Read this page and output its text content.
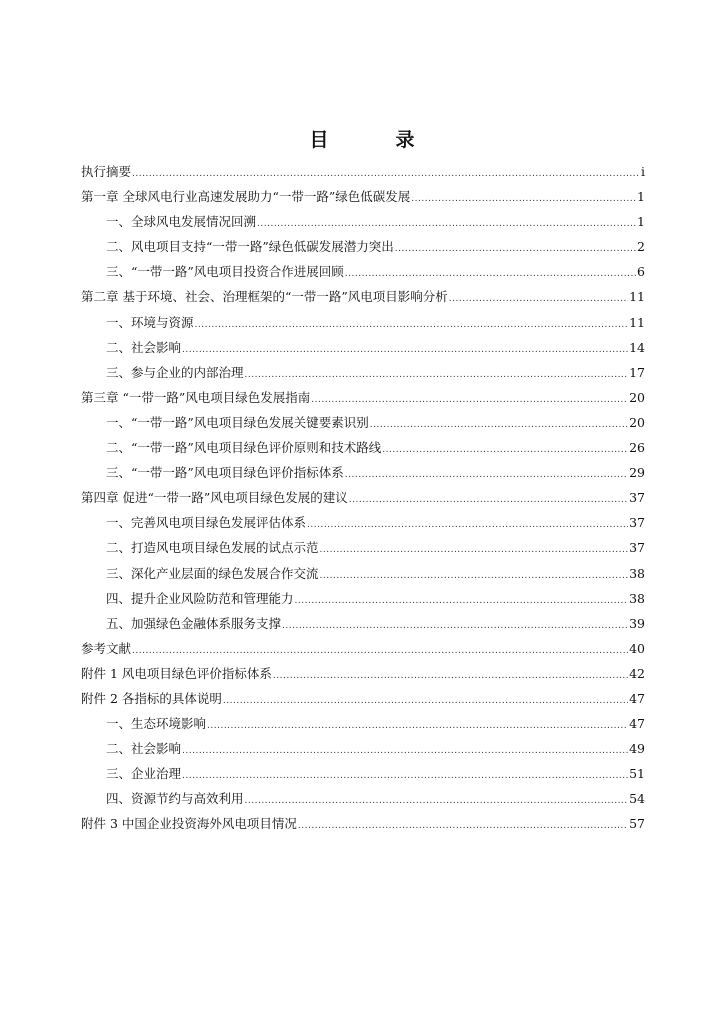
目　录
执行摘要 .....	i
第一章 全球风电行业高速发展助力“一带一路”绿色低碳发展 .....	1
一、全球风电发展情况回溯 .....	1
二、风电项目支持“一带一路”绿色低碳发展潜力突出 .....	2
三、“一带一路”风电项目投资合作进展回顾 .....	6
第二章 基于环境、社会、治理框架的“一带一路”风电项目影响分析 .....	11
一、环境与资源 .....	11
二、社会影响 .....	14
三、参与企业的内部治理 .....	17
第三章 “一带一路”风电项目绿色发展指南 .....	20
一、“一带一路”风电项目绿色发展关键要素识别 .....	20
二、“一带一路”风电项目绿色评价原则和技术路线 .....	26
三、“一带一路”风电项目绿色评价指标体系 .....	29
第四章 促进“一带一路”风电项目绿色发展的建议 .....	37
一、完善风电项目绿色发展评估体系 .....	37
二、打造风电项目绿色发展的试点示范 .....	37
三、深化产业层面的绿色发展合作交流 .....	38
四、提升企业风险防范和管理能力 .....	38
五、加强绿色金融体系服务支撑 .....	39
参考文献 .....	40
附件 1 风电项目绿色评价指标体系 .....	42
附件 2 各指标的具体说明 .....	47
一、生态环境影响 .....	47
二、社会影响 .....	49
三、企业治理 .....	51
四、资源节约与高效利用 .....	54
附件 3 中国企业投资海外风电项目情况 .....	57
